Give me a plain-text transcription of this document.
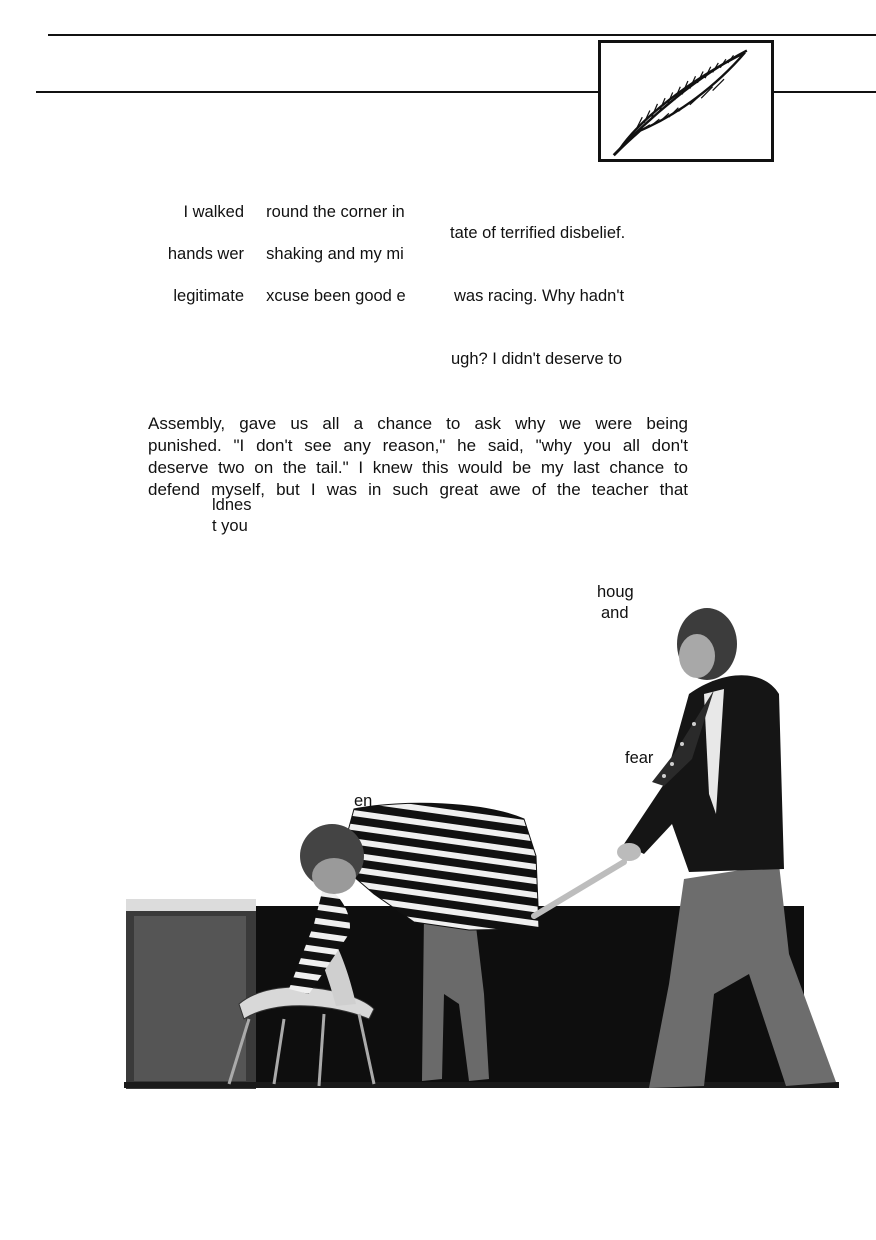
I walked

hands wer

legitimate

round the corner in

shaking and my mi

xcuse been good e

tate of terrified disbelief.

was racing. Why hadn't

ugh? I didn't deserve to

Assembly, gave us all a chance to ask why we were being
punished. "I don't see any reason," he said, "why you all don't
deserve two on the tail." I knew this would be my last chance to
defend myself, but I was in such great awe of the teacher that
ldnes
t you
houg
and
fear
en
